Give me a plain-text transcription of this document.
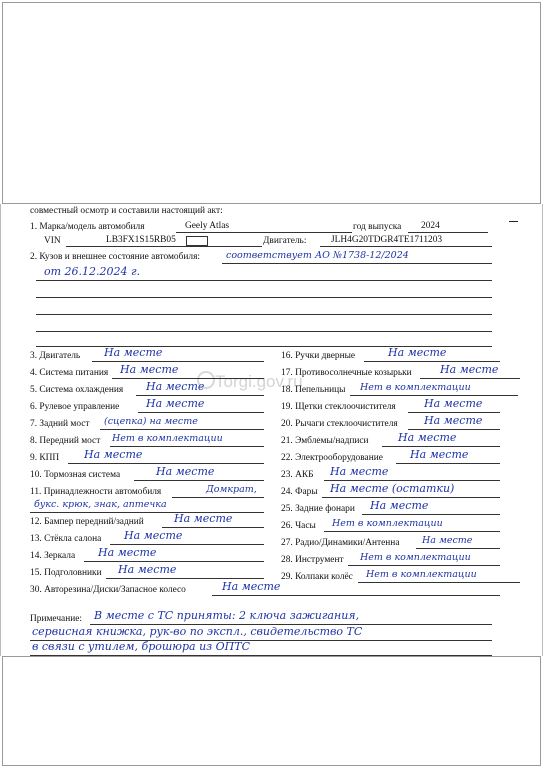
совместный осмотр и составили настоящий акт:
1. Марка/модель автомобиля	Geely Atlas	год выпуска 2024
VIN	LB3FX1S15RB05	Двигатель:	JLH4G20TDGR4TE1711203
2. Кузов и внешнее состояние автомобиля:	соответствует АО №1738-12/2024
от 26.12.2024 г.
Torgi.gov.ru
3. Двигатель На месте
4. Система питания На месте
5. Система охлаждения На месте
6. Рулевое управление На месте
7. Задний мост (сцепка) на месте
8. Передний мост Нет в комплектации
9. КПП На месте
10. Тормозная система	На месте
11. Принадлежности автомобиля	Домкрат,
букс. крюк, знак, аптечка
12. Бампер передний/задний	На месте
13. Стёкла салона На месте
14. Зеркала На месте
15. Подголовники На месте
16. Ручки дверные	На месте
17. Противосолнечные козырьки	На месте
18. Пепельницы Нет в комплектации
19. Щетки стеклоочистителя	На месте
20. Рычаги стеклоочистителя На месте
21. Эмблемы/надписи	На месте
22. Электрооборудование На месте
23. АКБ На месте
24. Фары На месте (остатки)
25. Задние фонари На месте
26. Часы Нет в комплектации
27. Радио/Динамики/Антенна На месте
28. Инструмент Нет в комплектации
29. Колпаки колёс Нет в комплектации
30. Авторезина/Диски/Запасное колесо	На месте
Примечание: В месте с ТС приняты: 2 ключа зажигания,
сервисная книжка, рук-во по экспл., свидетельство ТС
в связи с утилем, брошюра из ОПТС
